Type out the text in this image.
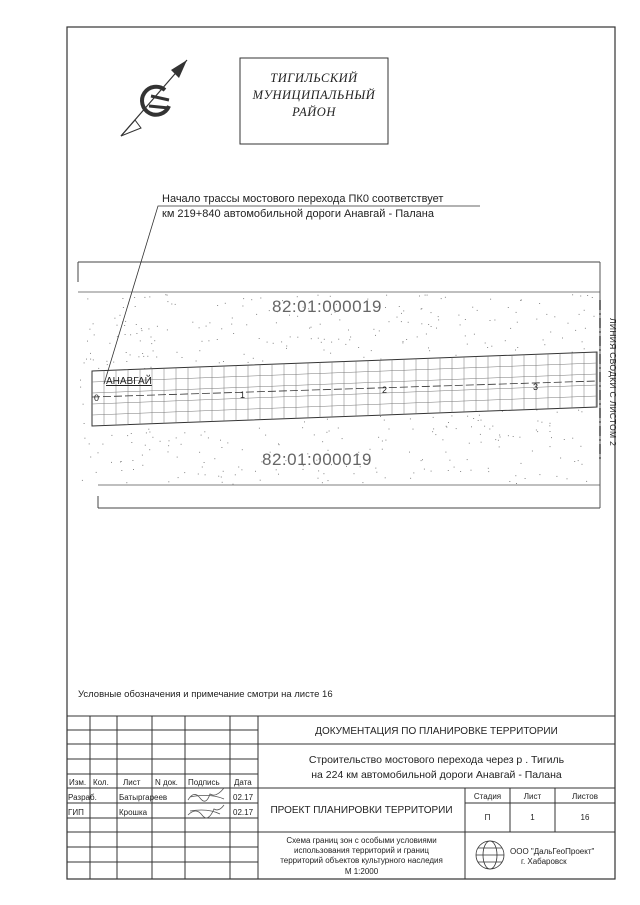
ТИГИЛЬСКИЙ
МУНИЦИПАЛЬНЫЙ
РАЙОН
Начало трассы мостового перехода ПК0 соответствует
км 219+840 автомобильной дороги Анавгай - Палана
82:01:000019
82:01:000019
АНАВГАЙ
0	1	2	3	ЛИНИЯ СВОДКИ С ЛИСТОМ 2
Условные обозначения и примечание смотри на листе 16
ДОКУМЕНТАЦИЯ ПО ПЛАНИРОВКЕ ТЕРРИТОРИИ
Строительство мостового перехода через р . Тигиль
на 224 км автомобильной дороги Анавгай - Палана
Изм. Кол. Лист N док. Подпись Дата
Разраб.	Батыргареев	02.17
ГИП	Крошка	02.17	ПРОЕКТ ПЛАНИРОВКИ ТЕРРИТОРИИ
Стадия	Лист	Листов
П	1	16
Схема границ зон с особыми условиями
использования территорий и границ
территорий объектов культурного наследия
М 1:2000
ООО "ДальГеоПроект"
г. Хабаровск
